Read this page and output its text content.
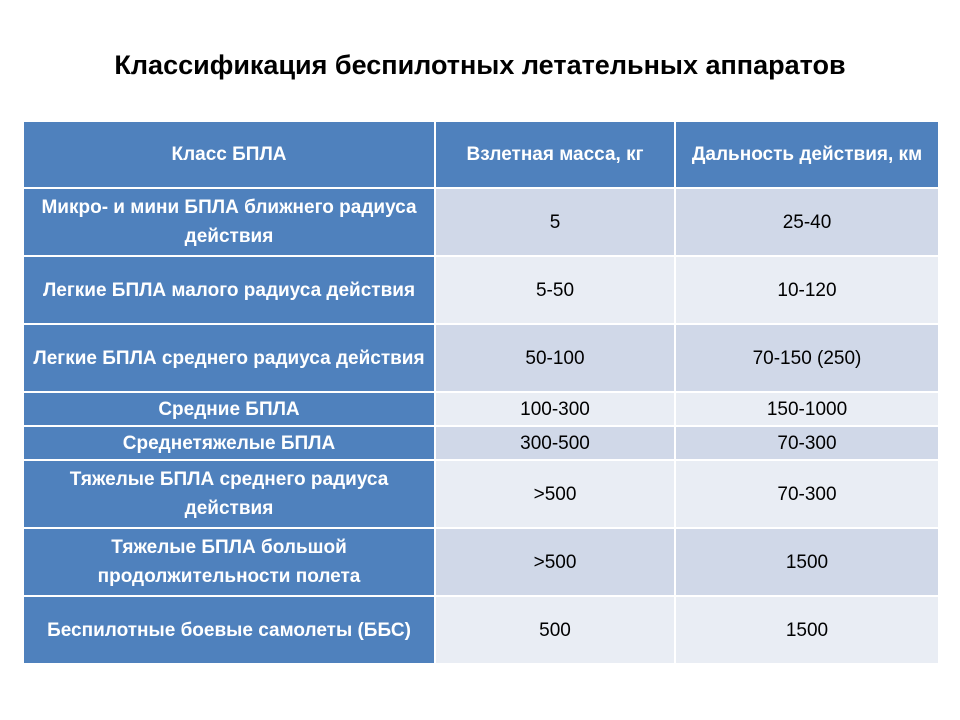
Классификация беспилотных летательных аппаратов
Класс БПЛА	Взлетная масса, кг	Дальность действия, км
Микро- и мини БПЛА ближнего радиуса действия	5	25-40
Легкие БПЛА малого радиуса действия	5-50	10-120
Легкие БПЛА среднего радиуса действия	50-100	70-150 (250)
Средние БПЛА	100-300	150-1000
Среднетяжелые БПЛА	300-500	70-300
Тяжелые БПЛА среднего радиуса действия	>500	70-300
Тяжелые БПЛА большой продолжительности полета	>500	1500
Беспилотные боевые самолеты (ББС)	500	1500
